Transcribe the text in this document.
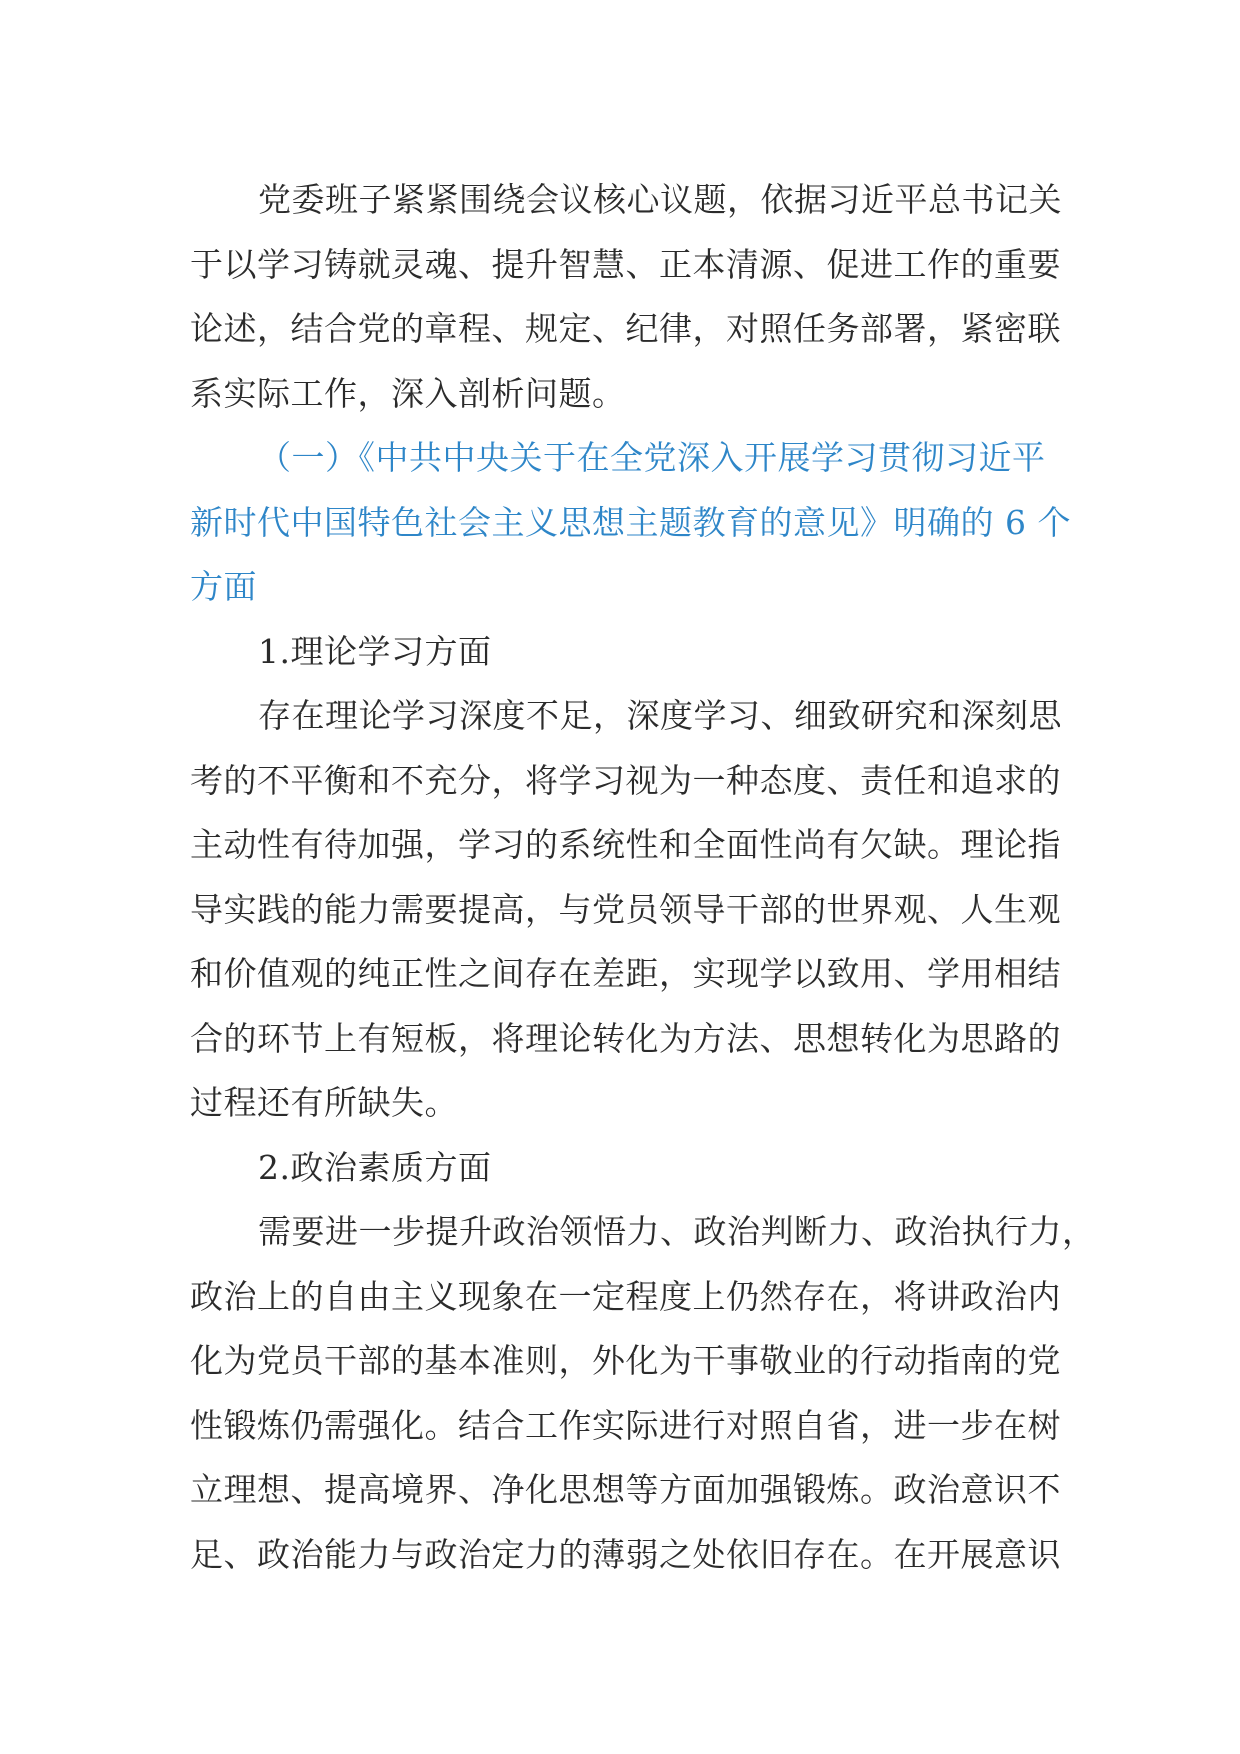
党委班子紧紧围绕会议核心议题，依据习近平总书记关
于以学习铸就灵魂、提升智慧、正本清源、促进工作的重要
论述，结合党的章程、规定、纪律，对照任务部署，紧密联
系实际工作，深入剖析问题。
（一）《中共中央关于在全党深入开展学习贯彻习近平
新时代中国特色社会主义思想主题教育的意见》明确的 6 个
方面
1.理论学习方面
存在理论学习深度不足，深度学习、细致研究和深刻思
考的不平衡和不充分，将学习视为一种态度、责任和追求的
主动性有待加强，学习的系统性和全面性尚有欠缺。理论指
导实践的能力需要提高，与党员领导干部的世界观、人生观
和价值观的纯正性之间存在差距，实现学以致用、学用相结
合的环节上有短板，将理论转化为方法、思想转化为思路的
过程还有所缺失。
2.政治素质方面
需要进一步提升政治领悟力、政治判断力、政治执行力，
政治上的自由主义现象在一定程度上仍然存在，将讲政治内
化为党员干部的基本准则，外化为干事敬业的行动指南的党
性锻炼仍需强化。结合工作实际进行对照自省，进一步在树
立理想、提高境界、净化思想等方面加强锻炼。政治意识不
足、政治能力与政治定力的薄弱之处依旧存在。在开展意识
